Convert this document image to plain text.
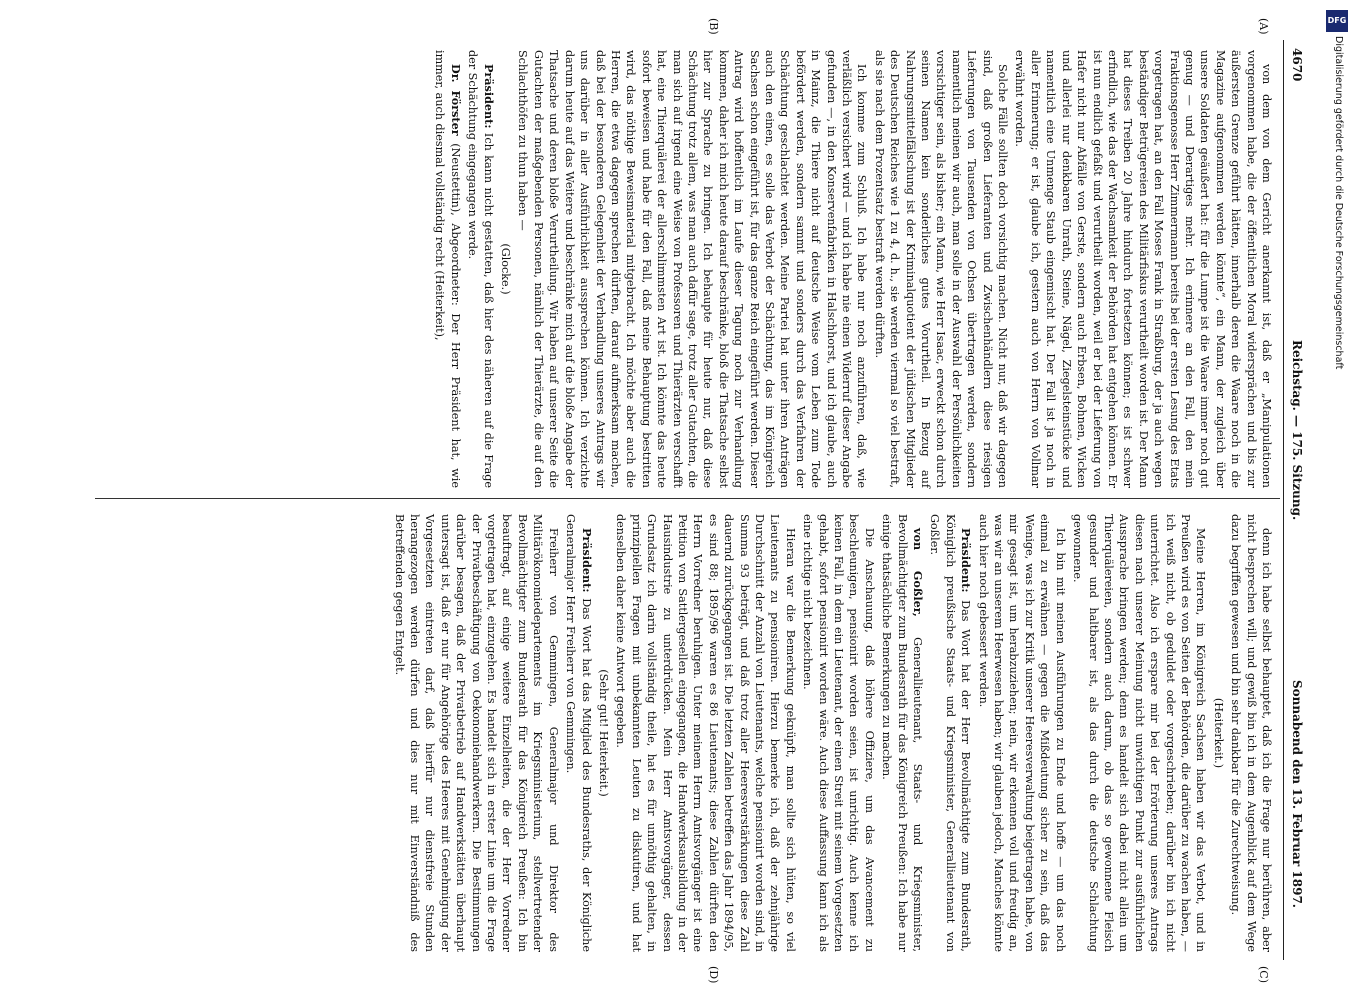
4670
Reichstag. — 175. Sitzung.
Sonnabend den 13. Februar 1897.
(A)
(B)
(C)
(D)

von dem von dem Gericht anerkannt ist, daß er „Manipulationen vorgenommen habe, die der öffentlichen Moral widersprächen und bis zur äußersten Grenze geführt hätten, innerhalb deren die Waare noch in die Magazine aufgenommen werden könnte“, ein Mann, der zugleich über unsere Soldaten geäußert hat: für die Lumpe ist die Waare immer noch gut genug — und Derartiges mehr. Ich erinnere an den Fall, den mein Fraktionsgenosse Herr Zimmermann bereits bei der ersten Lesung des Etats vorgetragen hat, an den Fall Moses Frank in Straßburg, der ja auch wegen beständiger Betrügereien des Militärfiskus verurtheilt worden ist. Der Mann hat dieses Treiben 20 Jahre hindurch fortsetzen können; es ist schwer erfindlich, wie das der Wachsamkeit der Behörden hat entgehen können. Er ist nun endlich gefaßt und verurtheilt worden, weil er bei der Lieferung von Hafer nicht nur Abfälle von Gerste, sondern auch Erbsen, Bohnen, Wicken und allerlei nur denkbaren Unrath, Steine, Nägel, Ziegelsteinstücke und namentlich eine Unmenge Staub eingemischt hat. Der Fall ist ja noch in aller Erinnerung; er ist, glaube ich, gestern auch von Herrn von Vollmar erwähnt worden.

Solche Fälle sollten doch vorsichtig machen. Nicht nur, daß wir dagegen sind, daß großen Lieferanten und Zwischenhändlern diese riesigen Lieferungen von Tausenden von Ochsen übertragen werden, sondern namentlich meinen wir auch, man solle in der Auswahl der Persönlichkeiten vorsichtiger sein, als bisher; ein Mann, wie Herr Isaac, erweckt schon durch seinen Namen kein sonderliches gutes Vorurtheil. In Bezug auf Nahrungsmittelfälschung ist der Kriminalquotient der jüdischen Mitglieder des Deutschen Reiches wie 1 zu 4, d. h., sie werden viermal so viel bestraft, als sie nach dem Prozentsatz bestraft werden dürften.

Ich komme zum Schluß. Ich habe nur noch anzuführen, daß, wie verläßlich versichert wird — und ich habe nie einen Widerruf dieser Angabe gefunden —, in den Konservenfabriken in Halschhorst, und ich glaube, auch in Mainz, die Thiere nicht auf deutsche Weise vom Leben zum Tode befördert werden, sondern sammt und sonders durch das Verfahren der Schächtung geschlachtet werden. Meine Partei hat unter ihren Anträgen auch den einen, es solle das Verbot der Schächtung, das im Königreich Sachsen schon eingeführt ist, für das ganze Reich eingeführt werden. Dieser Antrag wird hoffentlich im Laufe dieser Tagung noch zur Verhandlung kommen, daher ich mich heute darauf beschränke, bloß die Thatsache selbst hier zur Sprache zu bringen. Ich behaupte für heute nur, daß diese Schächtung trotz allem, was man auch dafür sage, trotz aller Gutachten, die man sich auf irgend eine Weise von Professoren und Thierärzten verschafft hat, eine Thierquälerei der allerschlimmsten Art ist. Ich könnte das heute sofort beweisen und habe für den Fall, daß meine Behauptung bestritten wird, das nöthige Beweismaterial mitgebracht. Ich möchte aber auch die Herren, die etwa dagegen sprechen dürften, darauf aufmerksam machen, daß bei der besonderen Gelegenheit der Verhandlung unseres Antrags wir uns darüber in aller Ausführlichkeit aussprechen können. Ich verzichte darum heute auf das Weitere und beschränke mich auf die bloße Angabe der Thatsache und deren bloße Verurtheilung. Wir haben auf unserer Seite die Gutachten der maßgebenden Personen, nämlich der Thierärzte, die auf den Schlachthöfen zu thun haben —

(Glocke.)

Präsident: Ich kann nicht gestatten, daß hier des näheren auf die Frage der Schächtung eingegangen werde.

Dr. Förster (Neustettin), Abgeordneter: Der Herr Präsident hat, wie immer, auch diesmal vollständig recht (Heiterkeit),

denn ich habe selbst behauptet, daß ich die Frage nur berühren, aber nicht besprechen will; und gewiß bin ich in dem Augenblick auf dem Wege dazu begriffen gewesen und bin sehr dankbar für die Zurechtweisung.

(Heiterkeit.)

Meine Herren, im Königreich Sachsen haben wir das Verbot, und in Preußen wird es von Seiten der Behörden, die darüber zu wachen haben, — ich weiß nicht, ob geduldet oder vorgeschrieben; darüber bin ich nicht unterrichtet. Also ich erspare mir bei der Erörterung unseres Antrags diesen nach unserer Meinung nicht unwichtigen Punkt zur ausführlichen Aussprache bringen werden; denn es handelt sich dabei nicht allein um Thierquälereien, sondern auch darum, ob das so gewonnene Fleisch gesunder und haltbarer ist, als das durch die deutsche Schlachtung gewonnene.

Ich bin mit meinen Ausführungen zu Ende und hoffe — um das noch einmal zu erwähnen — gegen die Mißdeutung sicher zu sein, daß das Wenige, was ich zur Kritik unserer Heeresverwaltung beigetragen habe, von mir gesagt ist, um herabzuziehen; nein, wir erkennen voll und freudig an, was wir an unserem Heerwesen haben; wir glauben jedoch, Manches könnte auch hier noch gebessert werden.

Präsident: Das Wort hat der Herr Bevollmächtigte zum Bundesrath, Königlich preußische Staats- und Kriegsminister, Generallieutenant von Goßler.

von Goßler, Generallieutenant, Staats- und Kriegsminister, Bevollmächtigter zum Bundesrath für das Königreich Preußen: Ich habe nur einige thatsächliche Bemerkungen zu machen.

Die Anschauung, daß höhere Offiziere, um das Avancement zu beschleunigen, pensionirt worden seien, ist unrichtig. Auch kenne ich keinen Fall, in dem ein Lieutenant, der einen Streit mit seinem Vorgesetzten gehabt, sofort pensionirt worden wäre. Auch diese Auffassung kann ich als eine richtige nicht bezeichnen.

Hieran war die Bemerkung geknüpft, man sollte sich hüten, so viel Lieutenants zu pensioniren. Hierzu bemerke ich, daß der zehnjährige Durchschnitt der Anzahl von Lieutenants, welche pensionirt worden sind, in Summa 93 beträgt, und daß trotz aller Heeresverstärkungen diese Zahl dauernd zurückgegangen ist. Die letzten Zahlen betreffen das Jahr 1894/95, es sind 88; 1895/96 waren es 86 Lieutenants; diese Zahlen dürften den Herrn Vorredner beruhigen. Unter meinem Herrn Amtsvorgänger ist eine Petition von Sattlergesellen eingegangen, die Handwerksausbildung in der Hausindustrie zu unterdrücken. Mein Herr Amtsvorgänger, dessen Grundsatz ich darin vollständig theile, hat es für unnöthig gehalten, in prinzipiellen Fragen mit unbekannten Leuten zu diskutiren, und hat denselben daher keine Antwort gegeben.

(Sehr gut! Heiterkeit.)

Präsident: Das Wort hat das Mitglied des Bundesraths, der Königliche Generalmajor Herr Freiherr von Gemmingen.

Freiherr von Gemmingen, Generalmajor und Direktor des Militärökonomiedepartements im Kriegsministerium, stellvertretender Bevollmächtigter zum Bundesrath für das Königreich Preußen: Ich bin beauftragt, auf einige weitere Einzelheiten, die der Herr Vorredner vorgetragen hat, einzugehen. Es handelt sich in erster Linie um die Frage der Privatbeschäftigung von Oekonomiehandwerkern. Die Bestimmungen darüber besagen, daß der Privatbetrieb auf Handwerkstätten überhaupt untersagt ist, daß er nur für Angehörige des Heeres mit Genehmigung der Vorgesetzten eintreten darf, daß hierfür nur dienstfreie Stunden herangezogen werden dürfen und dies nur mit Einverständniß des Betreffenden gegen Entgelt.

DFG
Digitalisierung gefördert durch die Deutsche Forschungsgemeinschaft
